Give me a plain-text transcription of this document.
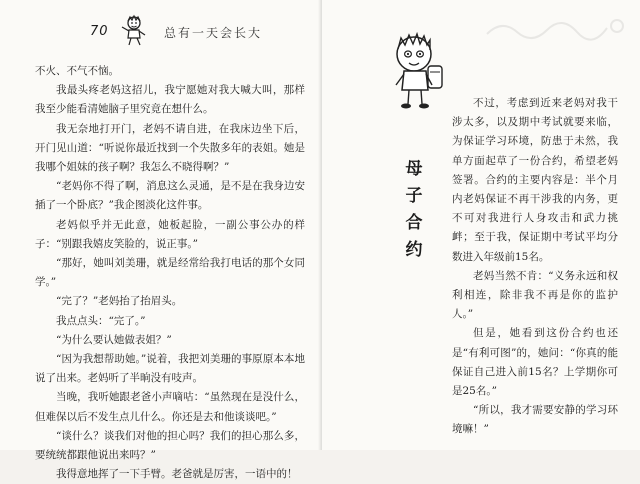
70	总有一天会长大

不火、不气不恼。

我最头疼老妈这招儿，我宁愿她对我大喊大叫，那样我至少能看清她脑子里究竟在想什么。

我无奈地打开门，老妈不请自进，在我床边坐下后，开门见山道：“听说你最近找到一个失散多年的表姐。她是我哪个姐妹的孩子啊？我怎么不晓得啊？”

“老妈你不得了啊，消息这么灵通，是不是在我身边安插了一个卧底？”我企图淡化这件事。

老妈似乎并无此意，她板起脸，一副公事公办的样子：“别跟我嬉皮笑脸的，说正事。”

“那好，她叫刘美珊，就是经常给我打电话的那个女同学。”

“完了？”老妈抬了抬眉头。

我点点头：“完了。”

“为什么要认她做表姐？”

“因为我想帮助她。”说着，我把刘美珊的事原原本本地说了出来。老妈听了半晌没有吱声。

当晚，我听她跟老爸小声嘀咕：“虽然现在是没什么，但难保以后不发生点儿什么。你还是去和他谈谈吧。”

“谈什么？谈我们对他的担心吗？我们的担心那么多，要统统都跟他说出来吗？”

我得意地挥了一下手臂。老爸就是厉害，一语中的！

母
子
合
约

不过，考虑到近来老妈对我干涉太多，以及期中考试就要来临，为保证学习环境，防患于未然，我单方面起草了一份合约，希望老妈签署。合约的主要内容是：半个月内老妈保证不再干涉我的内务，更不可对我进行人身攻击和武力挑衅；至于我，保证期中考试平均分数进入年级前15名。

老妈当然不肯：“义务永远和权利相连，除非我不再是你的监护人。”

但是，她看到这份合约也还是“有利可图”的，她问：“你真的能保证自己进入前15名？上学期你可是25名。”

“所以，我才需要安静的学习环境嘛！”
